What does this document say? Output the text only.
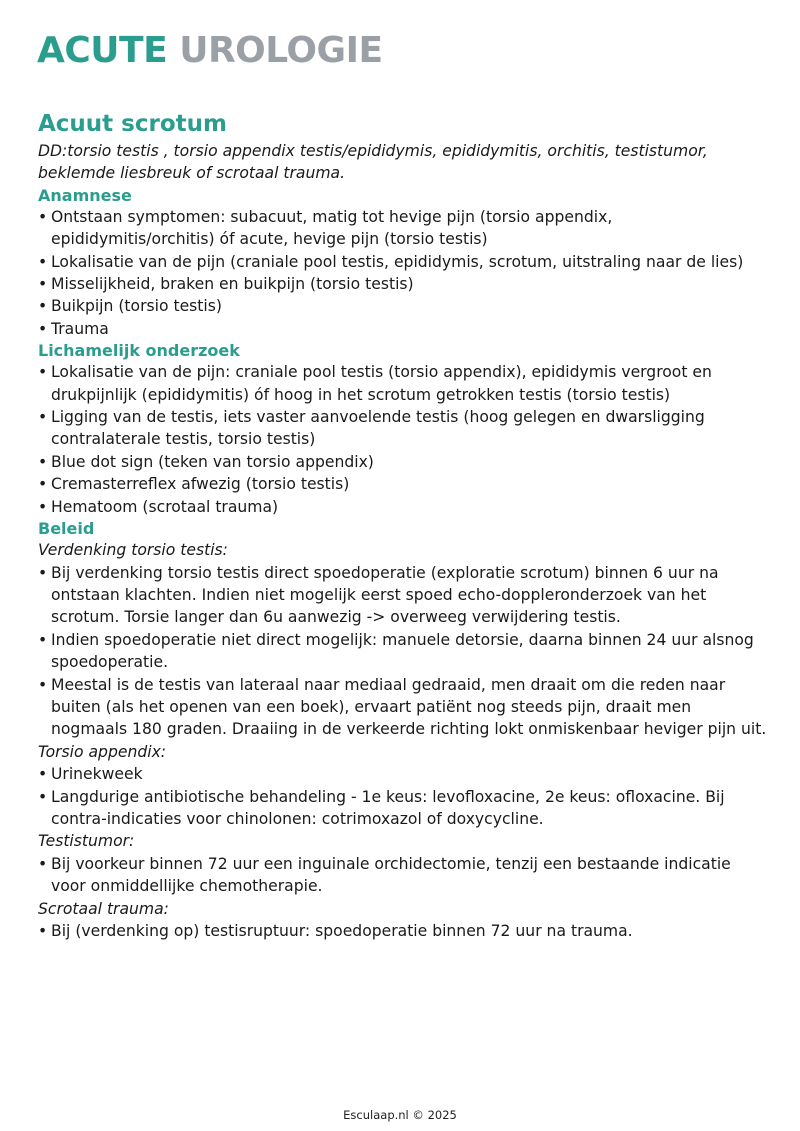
ACUTE UROLOGIE
Acuut scrotum
DD:torsio testis , torsio appendix testis/epididymis, epididymitis, orchitis, testistumor, beklemde liesbreuk of scrotaal trauma.
Anamnese
• Ontstaan symptomen: subacuut, matig tot hevige pijn (torsio appendix, epididymitis/orchitis) óf acute, hevige pijn (torsio testis)
• Lokalisatie van de pijn (craniale pool testis, epididymis, scrotum, uitstraling naar de lies)
• Misselijkheid, braken en buikpijn (torsio testis)
• Buikpijn (torsio testis)
• Trauma
Lichamelijk onderzoek
• Lokalisatie van de pijn: craniale pool testis (torsio appendix), epididymis vergroot en drukpijnlijk (epididymitis) óf hoog in het scrotum getrokken testis (torsio testis)
• Ligging van de testis, iets vaster aanvoelende testis (hoog gelegen en dwarsligging contralaterale testis, torsio testis)
• Blue dot sign (teken van torsio appendix)
• Cremasterreflex afwezig (torsio testis)
• Hematoom (scrotaal trauma)
Beleid
Verdenking torsio testis:
• Bij verdenking torsio testis direct spoedoperatie (exploratie scrotum) binnen 6 uur na ontstaan klachten. Indien niet mogelijk eerst spoed echo-doppleronderzoek van het scrotum. Torsie langer dan 6u aanwezig -> overweeg verwijdering testis.
• Indien spoedoperatie niet direct mogelijk: manuele detorsie, daarna binnen 24 uur alsnog spoedoperatie.
• Meestal is de testis van lateraal naar mediaal gedraaid, men draait om die reden naar buiten (als het openen van een boek), ervaart patiënt nog steeds pijn, draait men nogmaals 180 graden. Draaiing in de verkeerde richting lokt onmiskenbaar heviger pijn uit.
Torsio appendix:
• Urinekweek
• Langdurige antibiotische behandeling - 1e keus: levofloxacine, 2e keus: ofloxacine. Bij contra-indicaties voor chinolonen: cotrimoxazol of doxycycline.
Testistumor:
• Bij voorkeur binnen 72 uur een inguinale orchidectomie, tenzij een bestaande indicatie voor onmiddellijke chemotherapie.
Scrotaal trauma:
• Bij (verdenking op) testisruptuur: spoedoperatie binnen 72 uur na trauma.
Esculaap.nl © 2025
